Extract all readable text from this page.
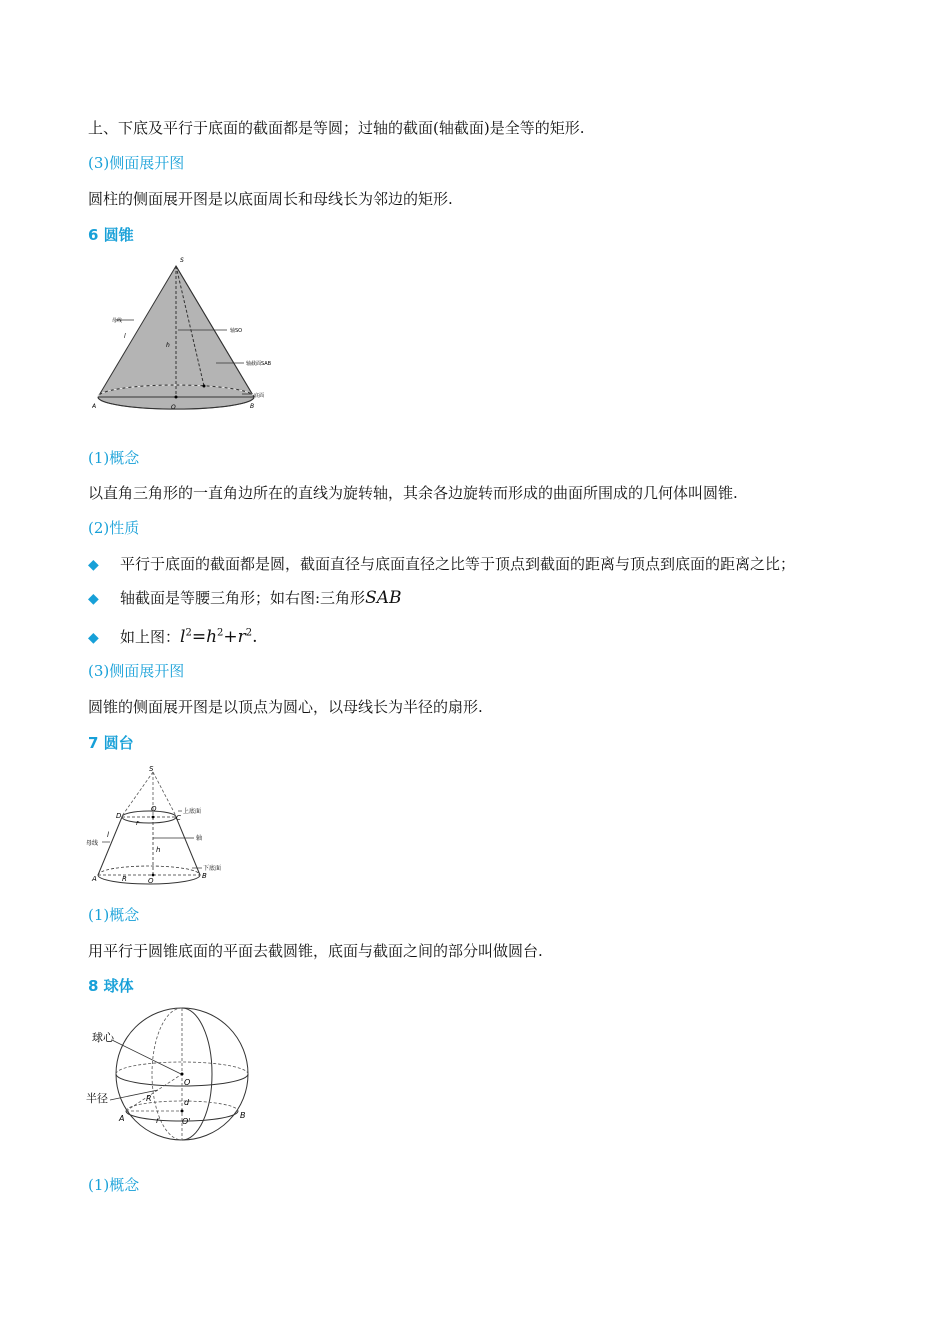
上、下底及平行于底面的截面都是等圆；过轴的截面(轴截面)是全等的矩形.
(3)侧面展开图
圆柱的侧面展开图是以底面周长和母线长为邻边的矩形.
6 圆锥
S
A	B
O
h
l
母线
轴SO
轴截面SAB
底面
(1)概念
以直角三角形的一直角边所在的直线为旋转轴，其余各边旋转而形成的曲面所围成的几何体叫圆锥.
(2)性质
◆ 平行于底面的截面都是圆，截面直径与底面直径之比等于顶点到截面的距离与顶点到底面的距离之比；
◆ 轴截面是等腰三角形；如右图:三角形SAB
◆ 如上图：$l^2=h^2+r^2$.
(3)侧面展开图
圆锥的侧面展开图是以顶点为圆心，以母线长为半径的扇形.
7 圆台
S
D	C
O
r
l
h
A	B
R	O
上底面
轴
母线
下底面
(1)概念
用平行于圆锥底面的平面去截圆锥，底面与截面之间的部分叫做圆台.
8 球体
球心
半径
O
O'
R	d
r
A	B
(1)概念
